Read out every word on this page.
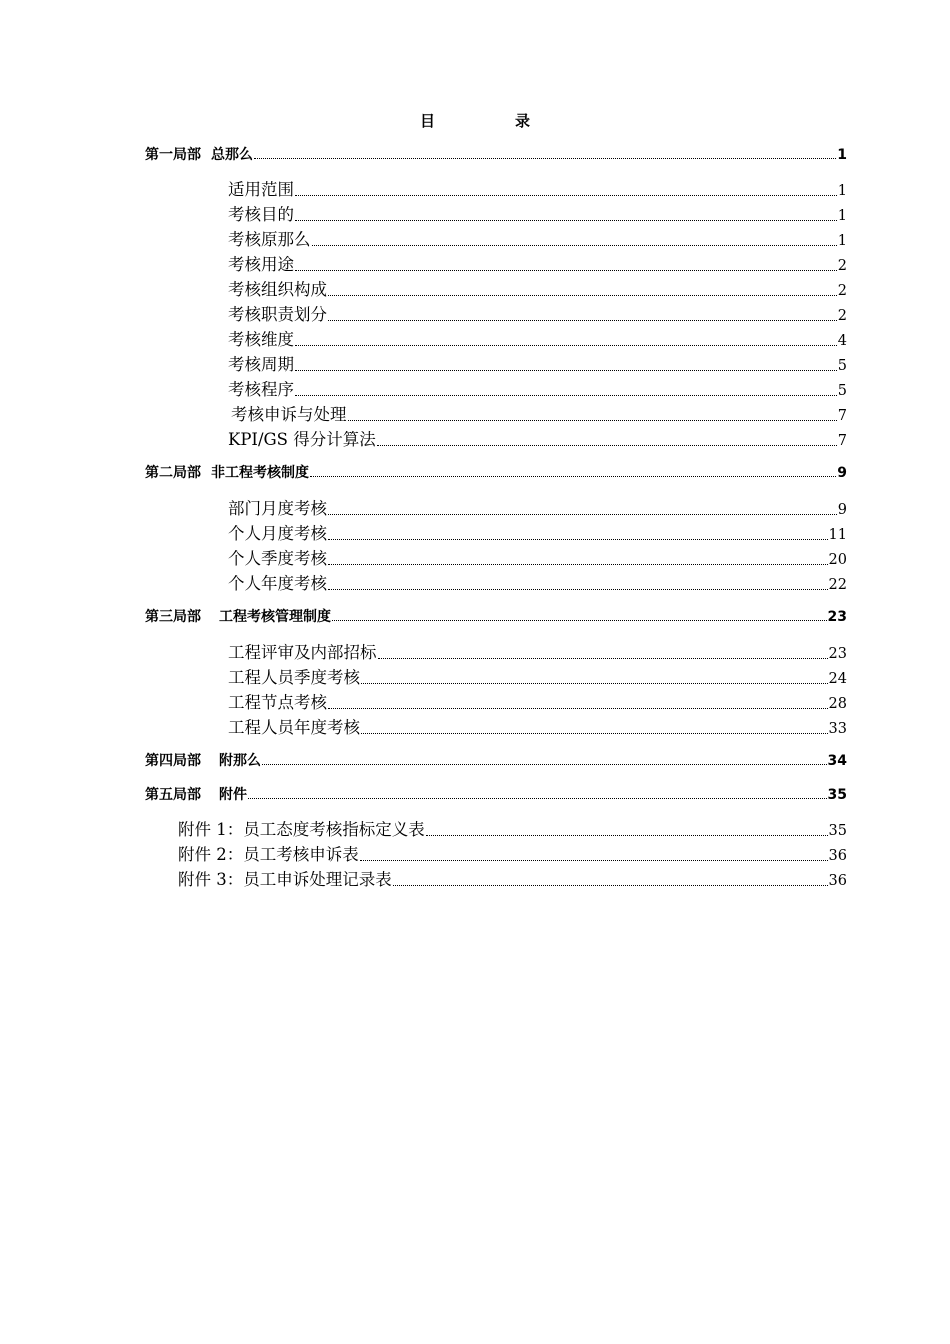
目	录
第一局部 总那么	1
适用范围	1
考核目的	1
考核原那么	1
考核用途	2
考核组织构成	2
考核职责划分	2
考核维度	4
考核周期	5
考核程序	5
考核申诉与处理	7
KPI/GS 得分计算法	7
第二局部 非工程考核制度	9
部门月度考核	9
个人月度考核	11
个人季度考核	20
个人年度考核	22
第三局部 工程考核管理制度	23
工程评审及内部招标	23
工程人员季度考核	24
工程节点考核	28
工程人员年度考核	33
第四局部 附那么	34
第五局部 附件	35
附件 1：员工态度考核指标定义表	35
附件 2：员工考核申诉表	36
附件 3：员工申诉处理记录表	36
